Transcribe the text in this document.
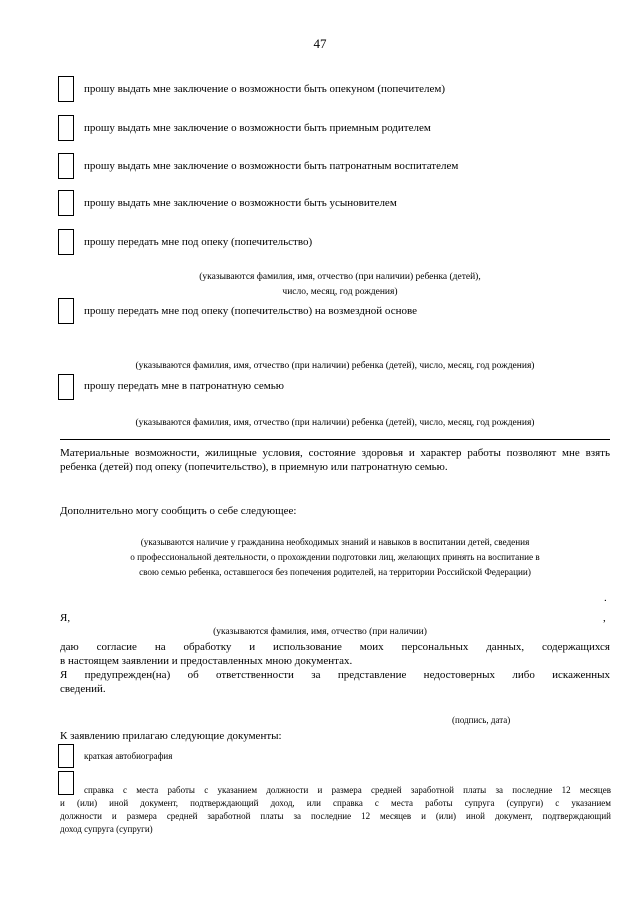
47
прошу выдать мне заключение о возможности быть опекуном (попечителем)
прошу выдать мне заключение о возможности быть приемным родителем
прошу выдать мне заключение о возможности быть патронатным воспитателем
прошу выдать мне заключение о возможности быть усыновителем
прошу передать мне под опеку (попечительство)
(указываются фамилия, имя, отчество (при наличии) ребенка (детей),
число, месяц, год рождения)
прошу передать мне под опеку (попечительство) на возмездной основе
(указываются фамилия, имя, отчество (при наличии) ребенка (детей), число, месяц, год рождения)
прошу передать мне в патронатную семью
(указываются фамилия, имя, отчество (при наличии) ребенка (детей), число, месяц, год рождения)
Материальные возможности, жилищные условия, состояние здоровья и характер работы позволяют мне взять ребенка (детей) под опеку (попечительство), в приемную или патронатную семью.
Дополнительно могу сообщить о себе следующее:
(указываются наличие у гражданина необходимых знаний и навыков в воспитании детей, сведения
о профессиональной деятельности, о прохождении подготовки лиц, желающих принять на воспитание в
свою семью ребенка, оставшегося без попечения родителей, на территории Российской Федерации)
.
Я,	,
(указываются фамилия, имя, отчество (при наличии)
даю согласие на обработку и использование моих персональных данных, содержащихся
в настоящем заявлении и предоставленных мною документах.
Я предупрежден(на) об ответственности за представление недостоверных либо искаженных
сведений.
(подпись, дата)
К заявлению прилагаю следующие документы:
краткая автобиография
справка с места работы с указанием должности и размера средней заработной платы за последние 12 месяцев
и (или) иной документ, подтверждающий доход, или справка с места работы супруга (супруги) с указанием
должности и размера средней заработной платы за последние 12 месяцев и (или) иной документ, подтверждающий
доход супруга (супруги)
